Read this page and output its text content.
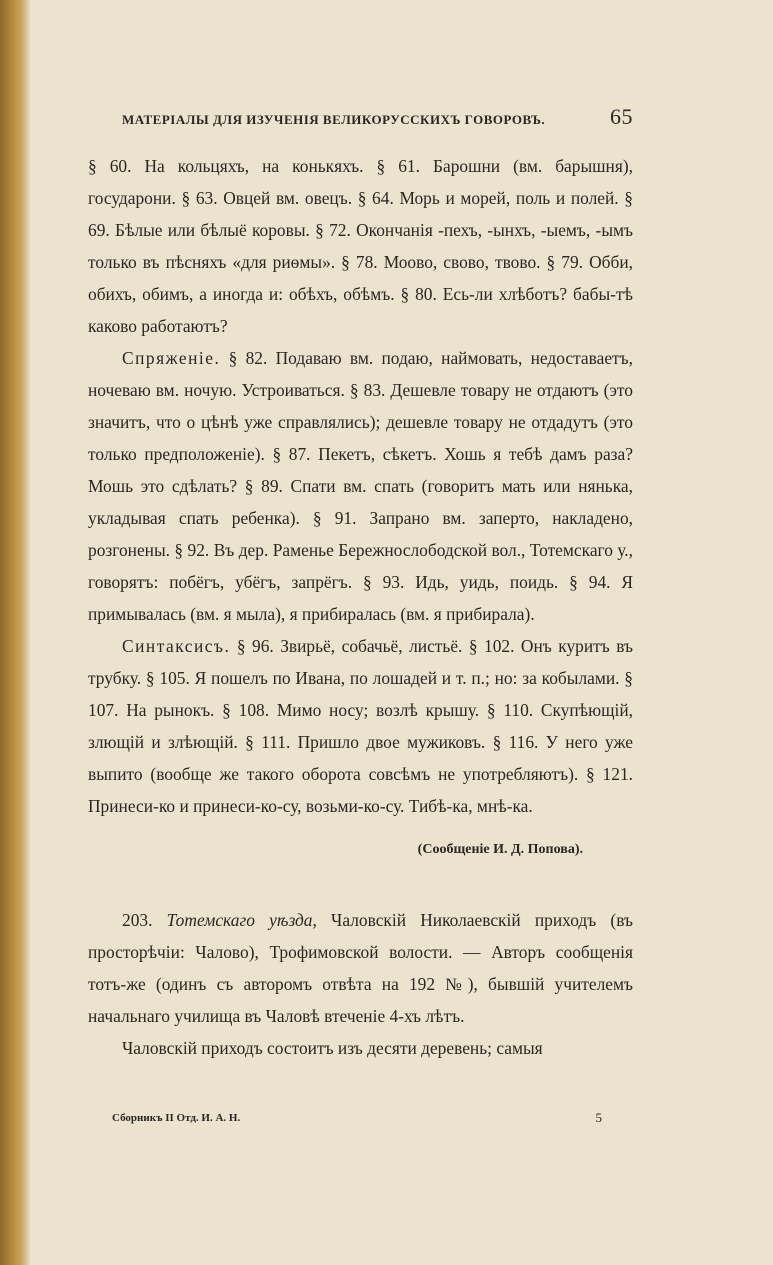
МАТЕРІАЛЫ ДЛЯ ИЗУЧЕНІЯ ВЕЛИКОРУССКИХЪ ГОВОРОВЪ.	65

§ 60. На кольцяхъ, на конькяхъ. § 61. Барошни (вм. барышня), государони. § 63. Овцей вм. овецъ. § 64. Морь и морей, поль и полей. § 69. Бѣлые или бѣлыё коровы. § 72. Окончанія -пехъ, -ынхъ, -ыемъ, -ымъ только въ пѣсняхъ «для риѳмы». § 78. Моово, свово, твово. § 79. Обби, обихъ, обимъ, а иногда и: обѣхъ, обѣмъ. § 80. Есь-ли хлѣботъ? бабы-тѣ каково работаютъ?

Спряженіе. § 82. Подаваю вм. подаю, наймовать, недоставаетъ, ночеваю вм. ночую. Устроиваться. § 83. Дешевле товару не отдаютъ (это значитъ, что о цѣнѣ уже справлялись); дешевле товару не отдадутъ (это только предположеніе). § 87. Пекетъ, сѣкетъ. Хошь я тебѣ дамъ раза? Мошь это сдѣлать? § 89. Спати вм. спать (говоритъ мать или нянька, укладывая спать ребенка). § 91. Запрано вм. заперто, накладено, розгонены. § 92. Въ дер. Раменье Бережнослободской вол., Тотемскаго у., говорятъ: побёгъ, убёгъ, запрёгъ. § 93. Идь, уидь, поидь. § 94. Я примывалась (вм. я мыла), я прибиралась (вм. я прибирала).

Синтаксисъ. § 96. Звирьё, собачьё, листьё. § 102. Онъ куритъ въ трубку. § 105. Я пошелъ по Ивана, по лошадей и т. п.; но: за кобылами. § 107. На рынокъ. § 108. Мимо носу; возлѣ крышу. § 110. Скупѣющій, злющій и злѣющій. § 111. Пришло двое мужиковъ. § 116. У него уже выпито (вообще же такого оборота совсѣмъ не употребляютъ). § 121. Принеси-ко и принеси-ко-су, возьми-ко-су. Тибѣ-ка, мнѣ-ка.

(Сообщеніе И. Д. Попова).

203. Тотемскаго уѣзда, Чаловскій Николаевскій приходъ (въ просторѣчіи: Чалово), Трофимовской волости. — Авторъ сообщенія тотъ-же (одинъ съ авторомъ отвѣта на 192 №), бывшій учителемъ начальнаго училища въ Чаловѣ втеченіе 4-хъ лѣтъ.

Чаловскій приходъ состоитъ изъ десяти деревень; самыя

Сборникъ II Отд. И. А. Н.	5
